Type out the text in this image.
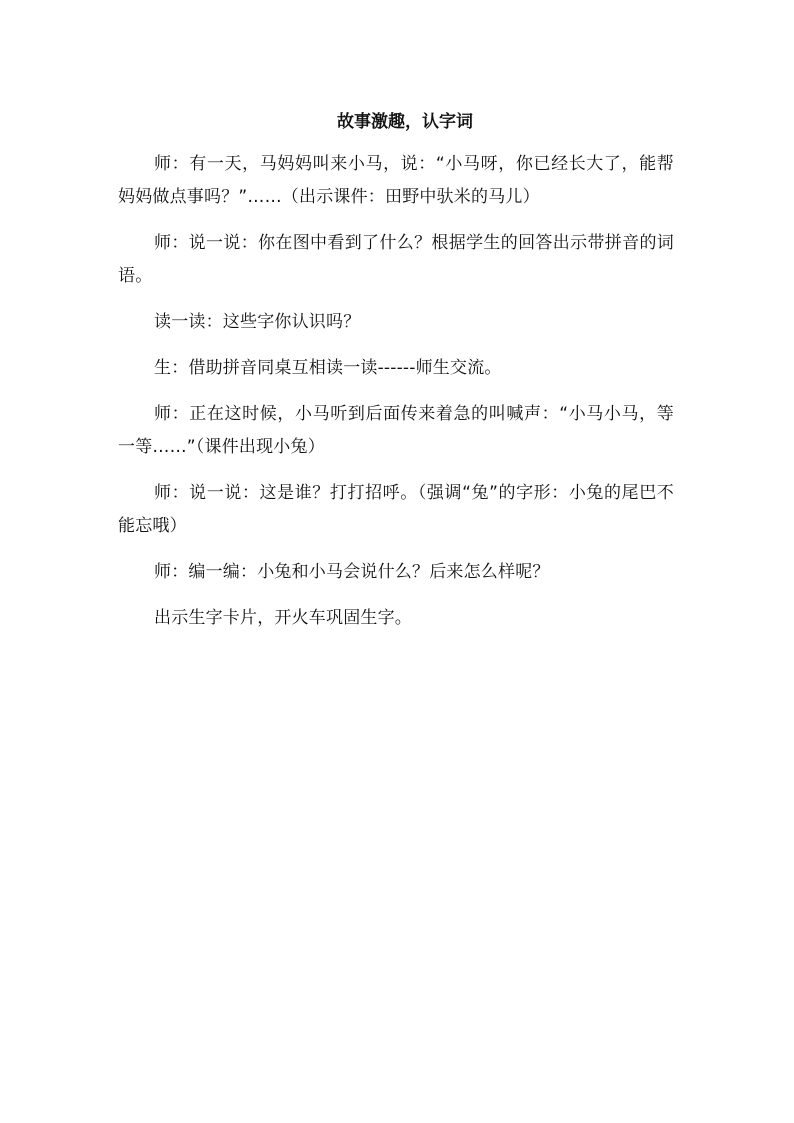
故事激趣，认字词

师：有一天，马妈妈叫来小马，说：“小马呀，你已经长大了，能帮妈妈做点事吗？”……（出示课件：田野中驮米的马儿）

师：说一说：你在图中看到了什么？根据学生的回答出示带拼音的词语。

读一读：这些字你认识吗？

生：借助拼音同桌互相读一读------师生交流。

师：正在这时候，小马听到后面传来着急的叫喊声：“小马小马，等一等……”（课件出现小兔）

师：说一说：这是谁？打打招呼。（强调“兔”的字形：小兔的尾巴不能忘哦）

师：编一编：小兔和小马会说什么？后来怎么样呢？

出示生字卡片，开火车巩固生字。
